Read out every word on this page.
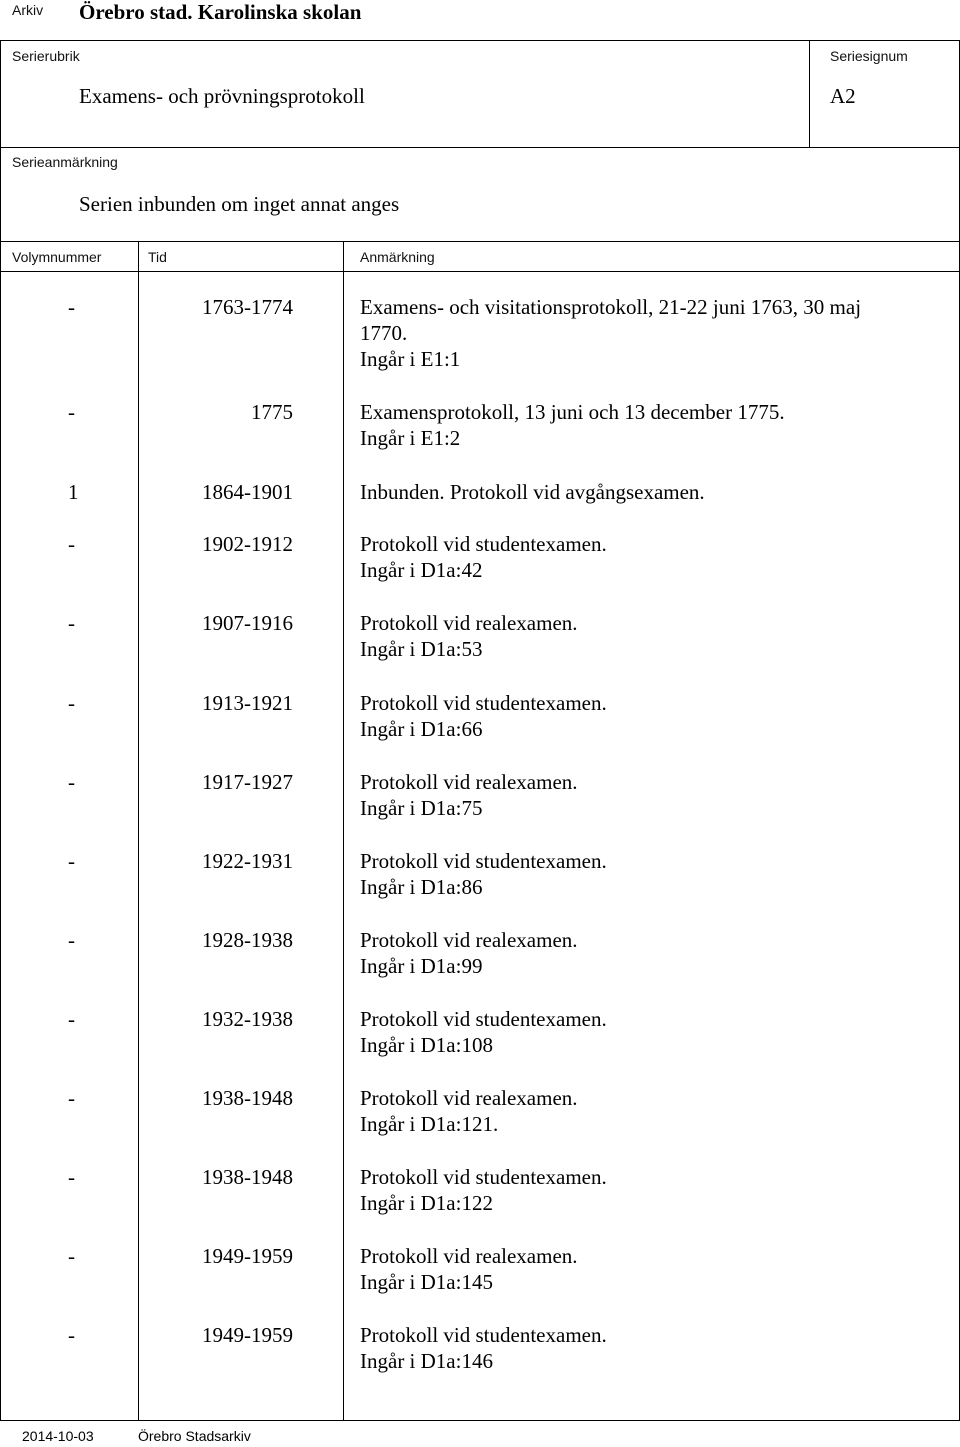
Arkiv Örebro stad. Karolinska skolan
Serierubrik
Examens- och prövningsprotokoll
Seriesignum
A2
Serieanmärkning
Serien inbunden om inget annat anges
Volymnummer	Tid	Anmärkning
-	1763-1774	Examens- och visitationsprotokoll, 21-22 juni 1763, 30 maj
1770.
Ingår i E1:1
-	1775	Examensprotokoll, 13 juni och 13 december 1775.
Ingår i E1:2
1	1864-1901	Inbunden. Protokoll vid avgångsexamen.
-	1902-1912	Protokoll vid studentexamen.
Ingår i D1a:42
-	1907-1916	Protokoll vid realexamen.
Ingår i D1a:53
-	1913-1921	Protokoll vid studentexamen.
Ingår i D1a:66
-	1917-1927	Protokoll vid realexamen.
Ingår i D1a:75
-	1922-1931	Protokoll vid studentexamen.
Ingår i D1a:86
-	1928-1938	Protokoll vid realexamen.
Ingår i D1a:99
-	1932-1938	Protokoll vid studentexamen.
Ingår i D1a:108
-	1938-1948	Protokoll vid realexamen.
Ingår i D1a:121.
-	1938-1948	Protokoll vid studentexamen.
Ingår i D1a:122
-	1949-1959	Protokoll vid realexamen.
Ingår i D1a:145
-	1949-1959	Protokoll vid studentexamen.
Ingår i D1a:146
2014-10-03	Örebro Stadsarkiv
